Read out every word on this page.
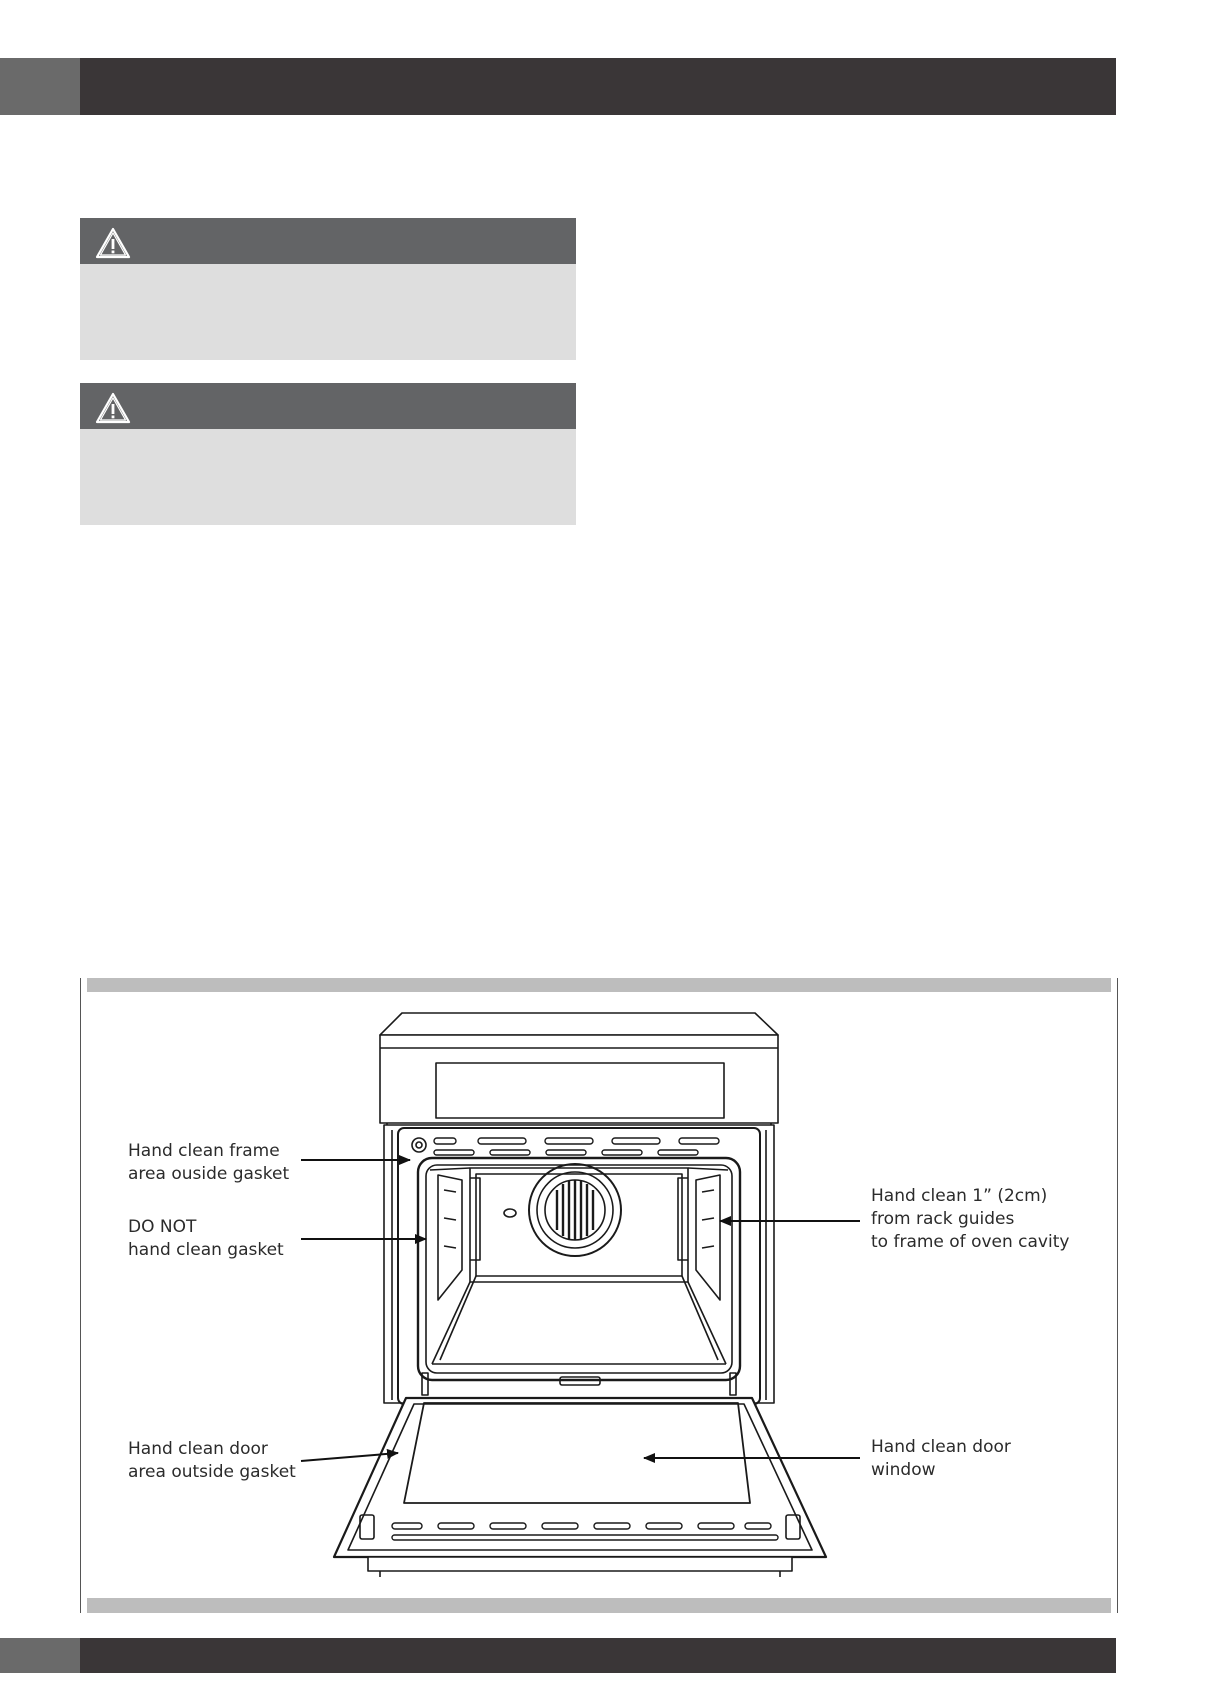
Hand clean frame
area ouside gasket
DO NOT
hand clean gasket
Hand clean 1” (2cm)
from rack guides
to frame of oven cavity
Hand clean door
area outside gasket
Hand clean door
window
